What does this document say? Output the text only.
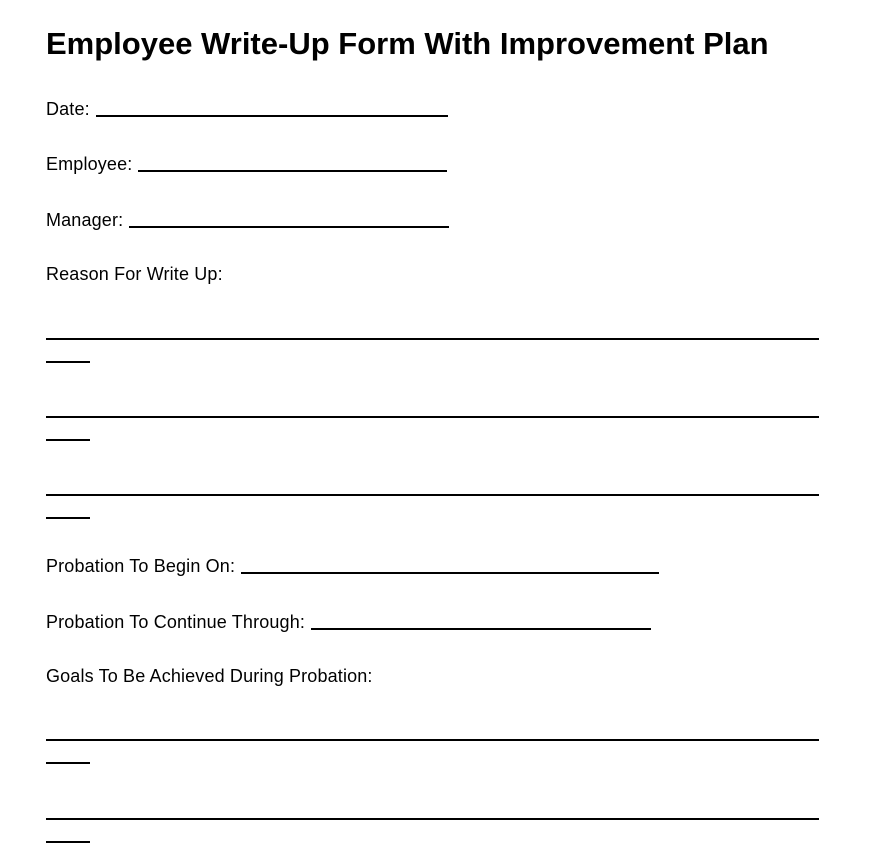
Employee Write-Up Form With Improvement Plan
Date:
Employee:
Manager:
Reason For Write Up:
Probation To Begin On:
Probation To Continue Through:
Goals To Be Achieved During Probation:
